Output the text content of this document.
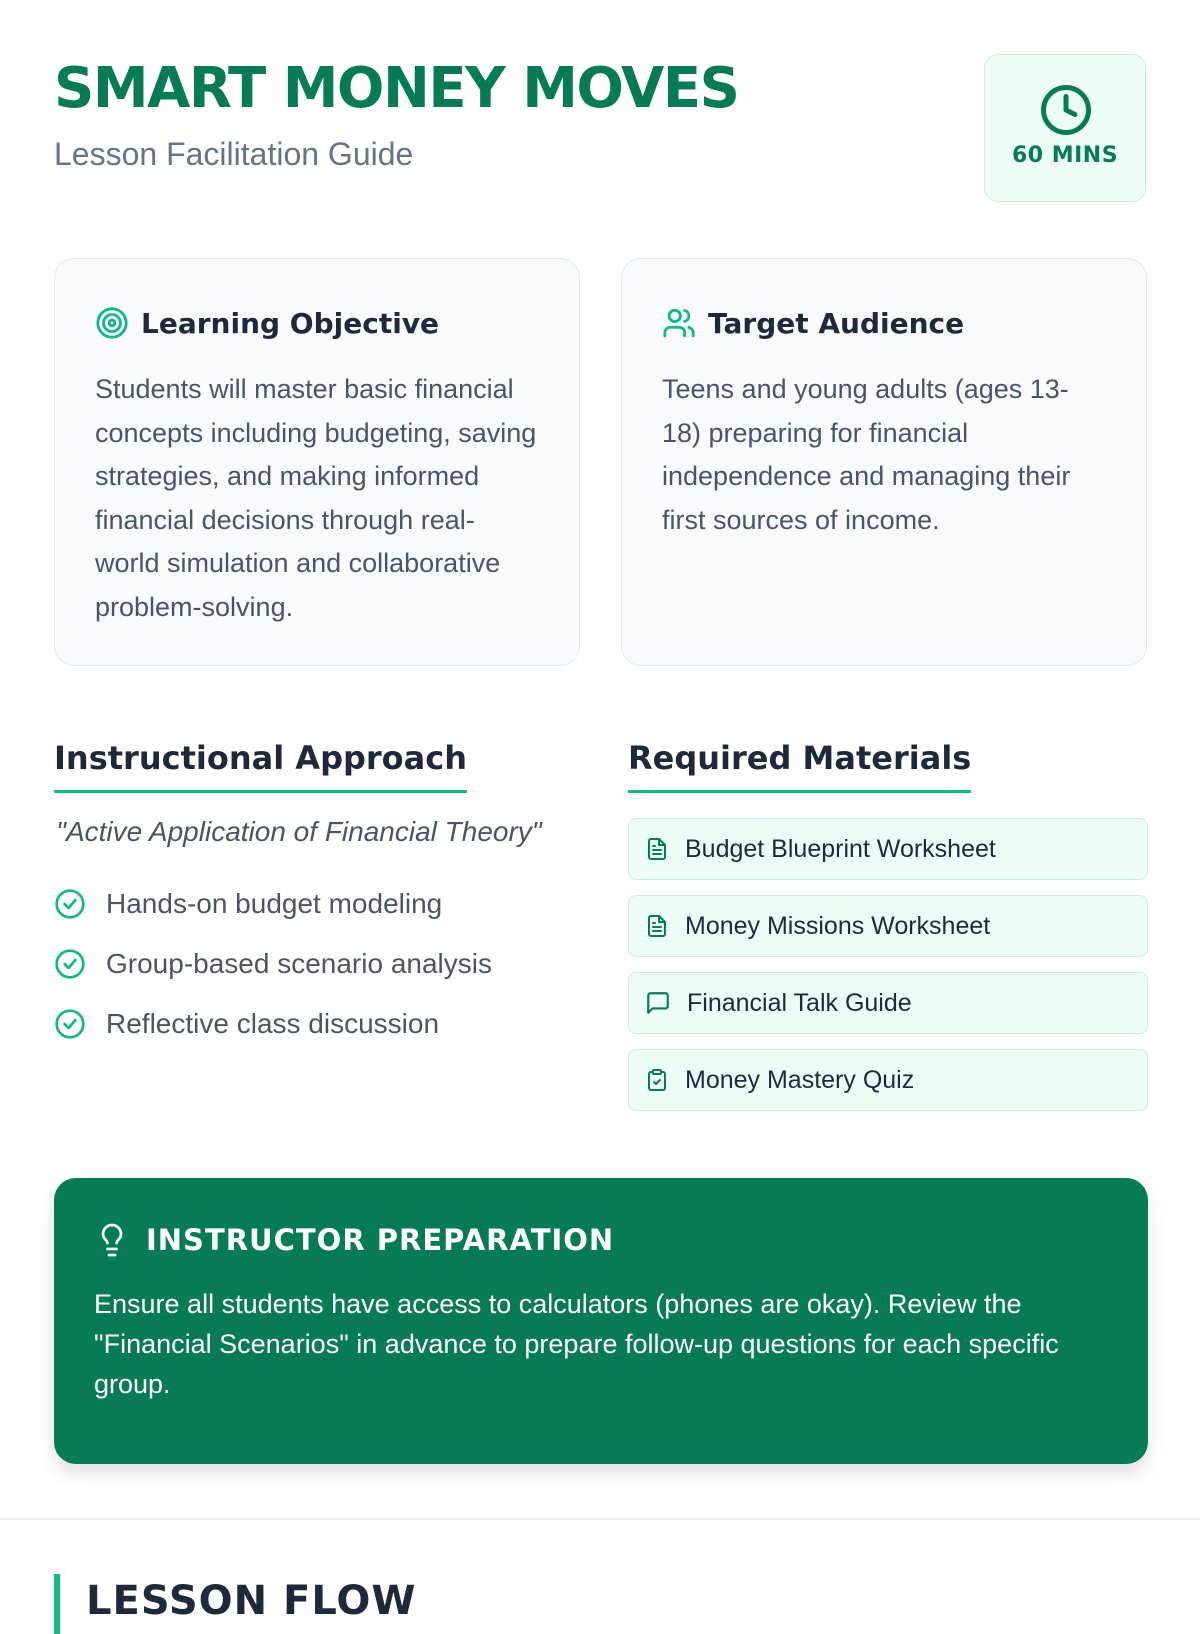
SMART MONEY MOVES
Lesson Facilitation Guide	60 MINS
Learning Objective
Students will master basic financial concepts including budgeting, saving strategies, and making informed financial decisions through real-world simulation and collaborative problem-solving.
Target Audience
Teens and young adults (ages 13-18) preparing for financial independence and managing their first sources of income.
Instructional Approach
"Active Application of Financial Theory"
Hands-on budget modeling
Group-based scenario analysis
Reflective class discussion
Required Materials
Budget Blueprint Worksheet
Money Missions Worksheet
Financial Talk Guide
Money Mastery Quiz
INSTRUCTOR PREPARATION
Ensure all students have access to calculators (phones are okay). Review the "Financial Scenarios" in advance to prepare follow-up questions for each specific group.
LESSON FLOW
